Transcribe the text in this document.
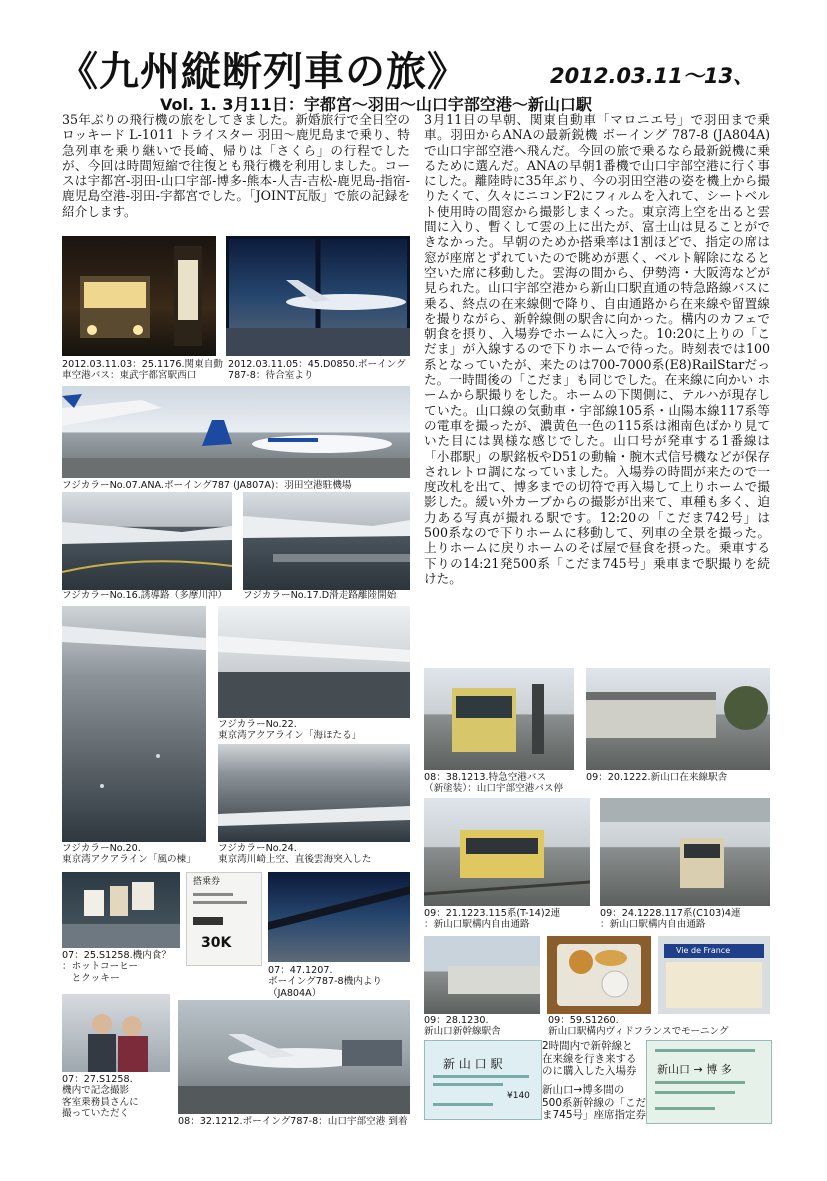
《九州縦断列車の旅》	2012.03.11〜13、
Vol. 1. 3月11日：宇都宮〜羽田〜山口宇部空港〜新山口駅
35年ぶりの飛行機の旅をしてきました。新婚旅行で全日空のロッキード L-1011 トライスター 羽田〜鹿児島まで乗り、特急列車を乗り継いで長崎、帰りは「さくら」の行程でしたが、今回は時間短縮で往復とも飛行機を利用しました。コースは宇都宮-羽田-山口宇部-博多-熊本-人吉-吉松-鹿児島-指宿-鹿児島空港-羽田-宇都宮でした。「JOINT瓦版」で旅の記録を紹介します。
3月11日の早朝、関東自動車「マロニエ号」で羽田まで乗車。羽田からANAの最新鋭機 ボーイング 787-8 (JA804A)で山口宇部空港へ飛んだ。今回の旅で乗るなら最新鋭機に乗るために選んだ。ANAの早朝1番機で山口宇部空港に行く事にした。離陸時に35年ぶり、今の羽田空港の姿を機上から撮りたくて、久々にニコンF2にフィルムを入れて、シートベルト使用時の間窓から撮影しまくった。東京湾上空を出ると雲間に入り、暫くして雲の上に出たが、富士山は見ることができなかった。早朝のためか搭乗率は1割ほどで、指定の席は窓が座席とずれていたので眺めが悪く、ベルト解除になると空いた席に移動した。雲海の間から、伊勢湾・大阪湾などが見られた。山口宇部空港から新山口駅直通の特急路線バスに乗る、終点の在来線側で降り、自由通路から在来線や留置線を撮りながら、新幹線側の駅舎に向かった。構内のカフェで朝食を摂り、入場券でホームに入った。10:20に上りの「こだま」が入線するので下りホームで待った。時刻表では100系となっていたが、来たのは700-7000系(E8)RailStarだった。一時間後の「こだま」も同じでした。在来線に向かい ホームから駅撮りをした。ホームの下関側に、テルハが現存していた。山口線の気動車・宇部線105系・山陽本線117系等の電車を撮ったが、濃黄色一色の115系は湘南色ばかり見ていた目には異様な感じでした。山口号が発車する1番線は「小郡駅」の駅銘板やD51の動輪・腕木式信号機などが保存されレトロ調になっていました。入場券の時間が来たので一度改札を出て、博多までの切符で再入場して上りホームで撮影した。緩い外カーブからの撮影が出来て、車種も多く、迫力ある写真が撮れる駅です。12:20の「こだま742号」は500系なので下りホームに移動して、列車の全景を撮った。上りホームに戻りホームのそば屋で昼食を摂った。乗車する下りの14:21発500系「こだま745号」乗車まで駅撮りを続けた。
2012.03.11.03：25.1176.関東自動
車空港バス：東武宇都宮駅西口
2012.03.11.05：45.D0850.ボーイング
787-8：待合室より
フジカラーNo.07.ANA.ボーイング787 (JA807A)：羽田空港駐機場
フジカラーNo.16.誘導路（多摩川沖） フジカラーNo.17.D滑走路離陸開始
フジカラーNo.20.
東京湾アクアライン「風の棟」
フジカラーNo.22.
東京湾アクアライン「海ほたる」
フジカラーNo.24.
東京湾川崎上空、直後雲海突入した
08：38.1213.特急空港バス
（新塗装）：山口宇部空港バス停
09：20.1222.新山口在来線駅舎
09：21.1223.115系(T-14)2連
：新山口駅構内自由通路
09：24.1228.117系(C103)4連
：新山口駅構内自由通路
09：28.1230.
新山口新幹線駅舎
Vie de France
09：59.S1260.
新山口駅構内ヴィドフランスでモーニング
07：25.S1258.機内食？
：ホットコーヒー
　とクッキー
搭乗券
30K
07：47.1207.
ボーイング787-8機内より
（JA804A）
07：27.S1258.
機内で記念撮影
客室乗務員さんに
撮っていただく
08：32.1212.ボーイング787-8：山口宇部空港 到着
新 山 口 駅
¥140
2時間内で新幹線と
在来線を行き来する
のに購入した入場券
新山口→博多間の
500系新幹線の「こだ
ま745号」座席指定券
新山口 → 博 多
